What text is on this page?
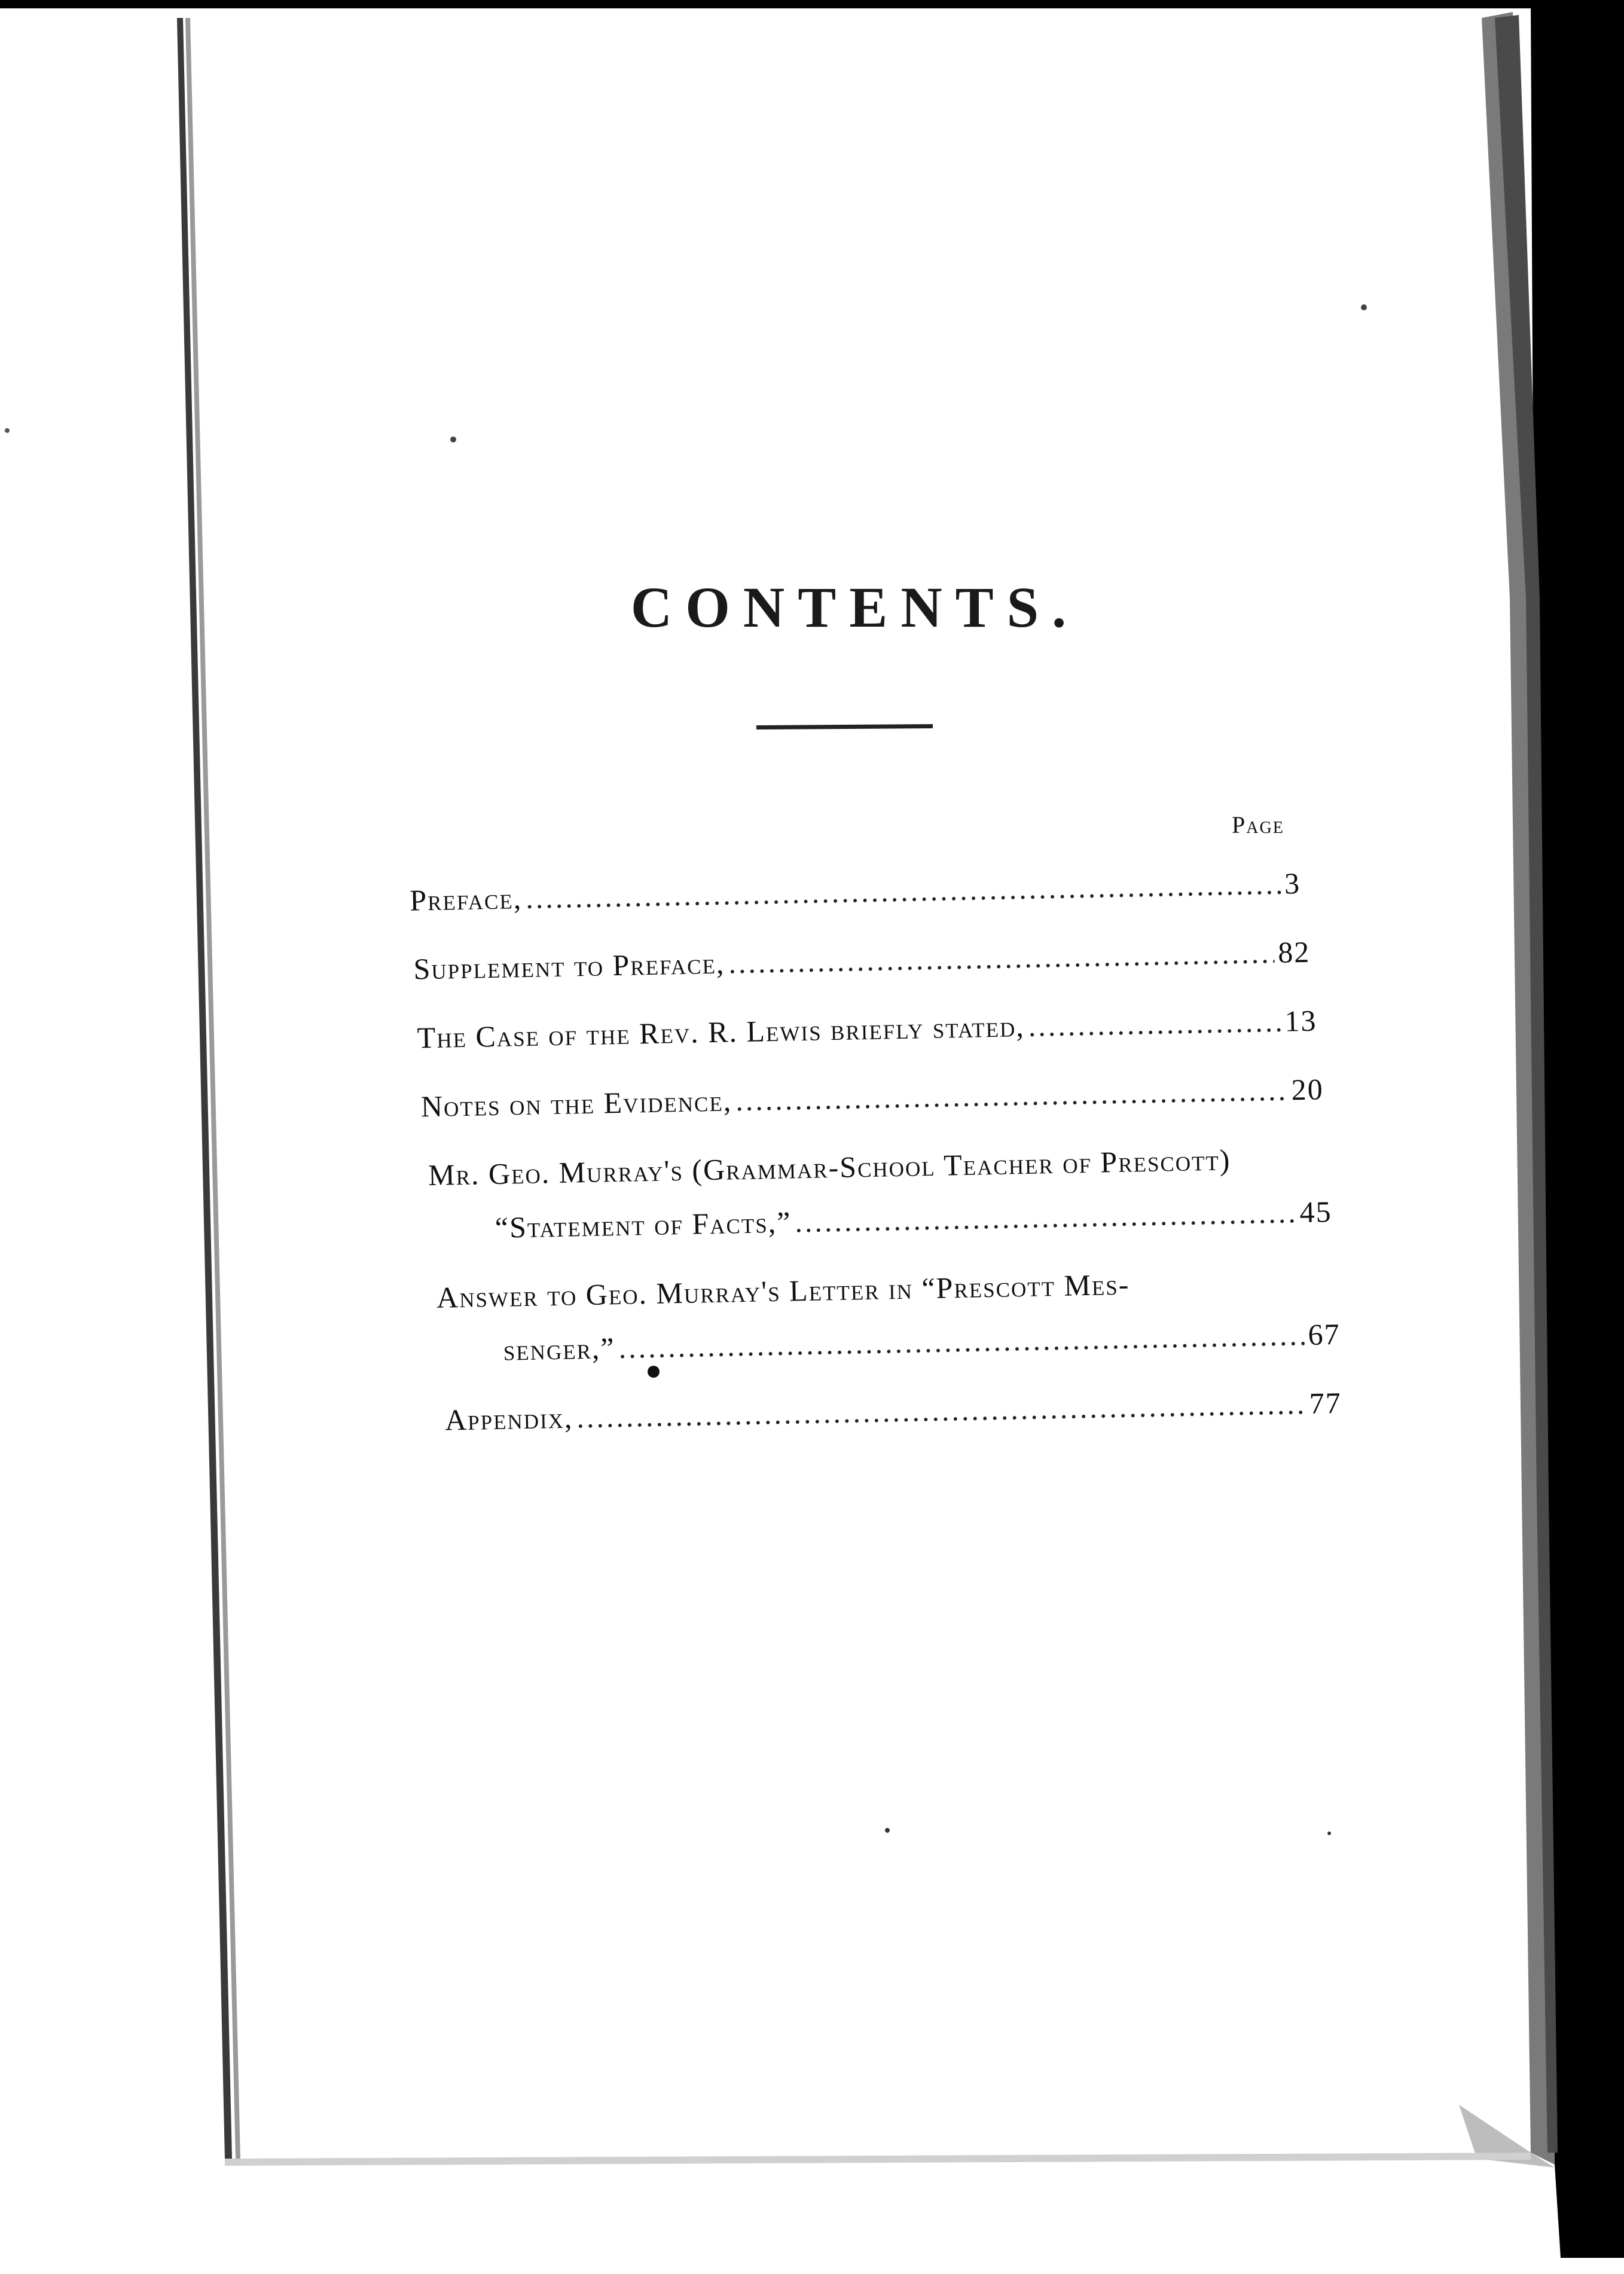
CONTENTS.
Page
Preface, .....	3
Supplement to Preface, .....	82
The Case of the Rev. R. Lewis briefly stated, .....	13
Notes on the Evidence, .....	20
Mr. Geo. Murray's (Grammar-School Teacher of Prescott)
“Statement of Facts,” .....	45
Answer to Geo. Murray's Letter in “Prescott Mes-
senger,” .....	67
Appendix, .....	77
